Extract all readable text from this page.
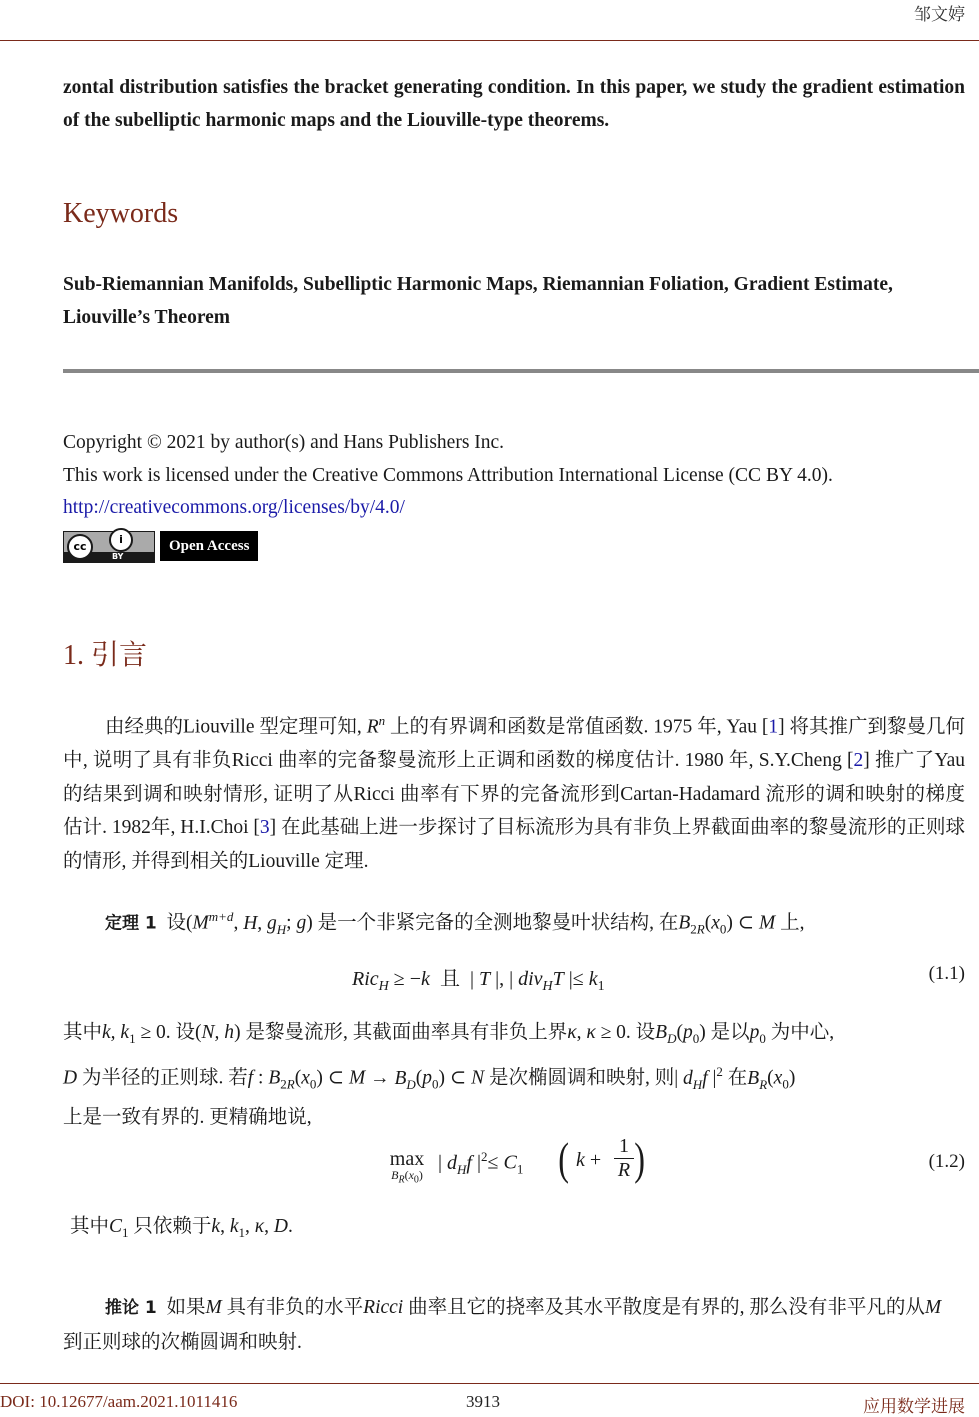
邹文婷
zontal distribution satisfies the bracket generating condition. In this paper, we study the gradient estimation of the subelliptic harmonic maps and the Liouville-type theorems.
Keywords
Sub-Riemannian Manifolds, Subelliptic Harmonic Maps, Riemannian Foliation, Gradient Estimate, Liouville’s Theorem
Copyright © 2021 by author(s) and Hans Publishers Inc.
This work is licensed under the Creative Commons Attribution International License (CC BY 4.0).
http://creativecommons.org/licenses/by/4.0/
cc
i
BY
Open Access
1. 引言
由经典的Liouville 型定理可知, $R^n$ 上的有界调和函数是常值函数. 1975 年, Yau [1] 将其推广到黎曼几何中, 说明了具有非负Ricci 曲率的完备黎曼流形上正调和函数的梯度估计. 1980 年, S.Y.Cheng [2] 推广了Yau 的结果到调和映射情形, 证明了从Ricci 曲率有下界的完备流形到Cartan-Hadamard 流形的调和映射的梯度估计. 1982年, H.I.Choi [3] 在此基础上进一步探讨了目标流形为具有非负上界截面曲率的黎曼流形的正则球的情形, 并得到相关的Liouville 定理.
定理 1 设($M^{m+d}$, H, $g_H$; g) 是一个非紧完备的全测地黎曼叶状结构, 在$B_{2R}(x_0)$ ⊂ M 上,
Ric$_H$ ≥ −k 且  | T |, | div$_H$T |≤ $k_1$
(1.1)
其中k, $k_1 \ge 0$. 设(N, h) 是黎曼流形, 其截面曲率具有非负上界κ, κ ≥ 0. 设$B_D(p_0)$ 是以$p_0$ 为中心,
D 为半径的正则球. 若f : $B_{2R}(x_0)$ ⊂ $M \to B_D(p_0)$ ⊂ N 是次椭圆调和映射, 则| $d_Hf$ $|^2$ 在$B_R(x_0)$
上是一致有界的. 更精确地说,
max
$B_R(x_0)$
| $d_Hf$ $|^2\le C_1$ ( k +
1
R )	(1.2)
其中$C_1$ 只依赖于k, $k_1$, κ, D.
推论 1 如果M 具有非负的水平Ricci 曲率且它的挠率及其水平散度是有界的, 那么没有非平凡的从M 到正则球的次椭圆调和映射.
DOI: 10.12677/aam.2021.1011416	3913	应用数学进展
